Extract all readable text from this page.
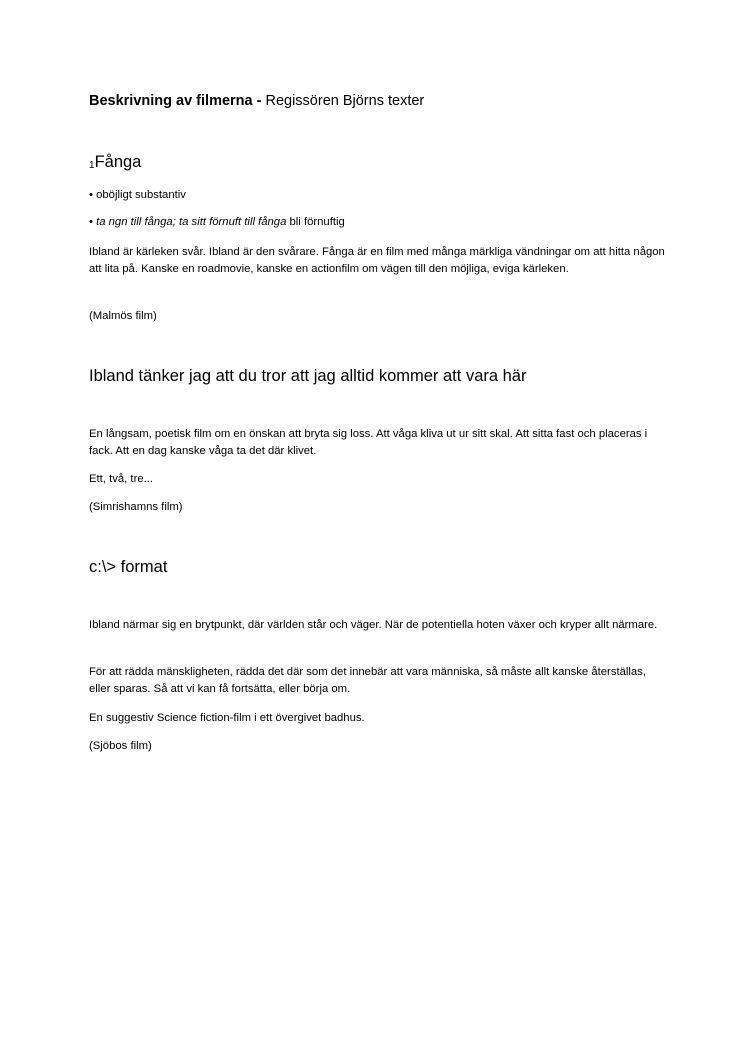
Beskrivning av filmerna - Regissören Björns texter
1Fånga
• oböjligt substantiv
• ta ngn till fånga; ta sitt förnuft till fånga bli förnuftig
Ibland är kärleken svår. Ibland är den svårare. Fånga är en film med många märkliga vändningar om att hitta någon att lita på. Kanske en roadmovie, kanske en actionfilm om vägen till den möjliga, eviga kärleken.
(Malmös film)
Ibland tänker jag att du tror att jag alltid kommer att vara här
En långsam, poetisk film om en önskan att bryta sig loss. Att våga kliva ut ur sitt skal. Att sitta fast och placeras i fack. Att en dag kanske våga ta det där klivet.
Ett, två, tre...
(Simrishamns film)
c:\> format
Ibland närmar sig en brytpunkt, där världen står och väger. När de potentiella hoten växer och kryper allt närmare.
För att rädda mänskligheten, rädda det där som det innebär att vara människa, så måste allt kanske återställas, eller sparas. Så att vi kan få fortsätta, eller börja om.
En suggestiv Science fiction-film i ett övergivet badhus.
(Sjöbos film)
